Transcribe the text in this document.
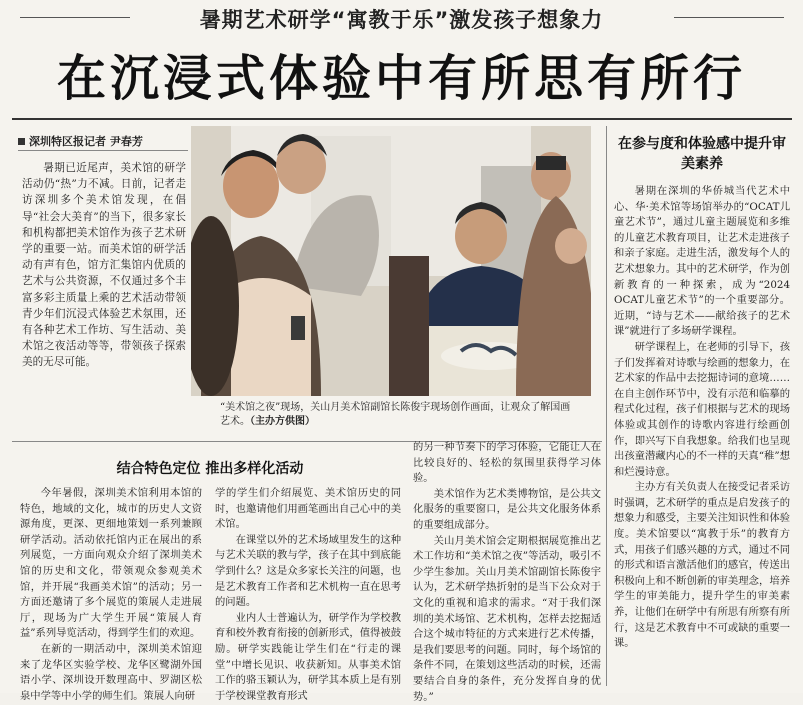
暑期艺术研学“寓教于乐”激发孩子想象力
在沉浸式体验中有所思有所行
深圳特区报记者 尹春芳

暑期已近尾声，美术馆的研学活动仍“热”力不减。日前，记者走访深圳多个美术馆发现，在倡导“社会大美育”的当下，很多家长和机构都把美术馆作为孩子艺术研学的重要一站。而美术馆的研学活动有声有色，馆方汇集馆内优质的艺术与公共资源，不仅通过多个丰富多彩主质量上乘的艺术活动带领青少年们沉浸式体验艺术氛围，还有各种艺术工作坊、写生活动、美术馆之夜活动等等，带领孩子探索美的无尽可能。

“美术馆之夜”现场，关山月美术馆副馆长陈俊宇现场创作画面，让观众了解国画艺术。（主办方供图）
在参与度和体验感中提升审美素养

暑期在深圳的华侨城当代艺术中心、华·美术馆等场馆举办的“OCAT儿童艺术节”，通过儿童主题展览和多维的儿童艺术教育项目，让艺术走进孩子和亲子家庭。走进生活，激发每个人的艺术想象力。其中的艺术研学，作为创新教育的一种探索，成为“2024 OCAT儿童艺术节”的一个重要部分。近期，“诗与艺术——献给孩子的艺术课”就进行了多场研学课程。

研学课程上，在老师的引导下，孩子们发挥着对诗歌与绘画的想象力，在艺术家的作品中去挖掘诗词的意境……在自主创作环节中，没有示范和临摹的程式化过程，孩子们根据与艺术的现场体验或其创作的诗歌内容进行绘画创作，即兴写下自我想象。给我们也呈现出孩童潜藏内心的不一样的天真“稚”想和烂漫诗意。

主办方有关负责人在接受记者采访时强调，艺术研学的重点是启发孩子的想象力和感受，主要关注知识性和体验度。美术馆要以“寓教于乐”的教育方式，用孩子们感兴趣的方式，通过不同的形式和语言激活他们的感官，传送出积极向上和不断创新的审美理念，培养学生的审美能力，提升学生的审美素养，让他们在研学中有所思有所察有所行，这是艺术教育中不可或缺的重要一课。

结合特色定位 推出多样化活动

今年暑假，深圳美术馆利用本馆的特色，地域的文化，城市的历史人文资源角度，更深、更细地策划一系列兼顾研学活动。活动依托馆内正在展出的系列展览，一方面向观众介绍了深圳美术馆的历史和文化，带领观众参观美术馆，并开展“我画美术馆”的活动；另一方面还邀请了多个展览的策展人走进展厅，现场为广大学生开展“策展人育益”系列导览活动，得到学生们的欢迎。

在新的一期活动中，深圳美术馆迎来了龙华区实验学校、龙华区鹭湖外国语小学、深圳设开数理高中、罗湖区松泉中学等中小学的师生们。策展人向研

学的学生们介绍展览、美术馆历史的同时，也邀请他们用画笔画出自己心中的美术馆。

在课堂以外的艺术场域里发生的这种与艺术关联的教与学，孩子在其中到底能学到什么？这是众多家长关注的问题，也是艺术教育工作者和艺术机构一直在思考的问题。

业内人士普遍认为，研学作为学校教育和校外教育衔接的创新形式，值得被鼓励。研学实践能让学生们在“行走的课堂”中增长见识、收获新知。从事美术馆工作的骆玉颖认为，研学其本质上是有别于学校课堂教育形式

的另一种节奏下的学习体验，它能让人在比较良好的、轻松的氛围里获得学习体验。

美术馆作为艺术类博物馆，是公共文化服务的重要窗口，是公共文化服务体系的重要组成部分。

关山月美术馆会定期根据展览推出艺术工作坊和“美术馆之夜”等活动，吸引不少学生参加。关山月美术馆副馆长陈俊宇认为，艺术研学热折射的是当下公众对于文化的重视和追求的需求。“对于我们深圳的美术场馆、艺术机构，怎样去挖掘适合这个城市特征的方式来进行艺术传播，是我们要思考的问题。同时，每个场馆的条件不同，在策划这些活动的时候，还需要结合自身的条件，充分发挥自身的优势。”
